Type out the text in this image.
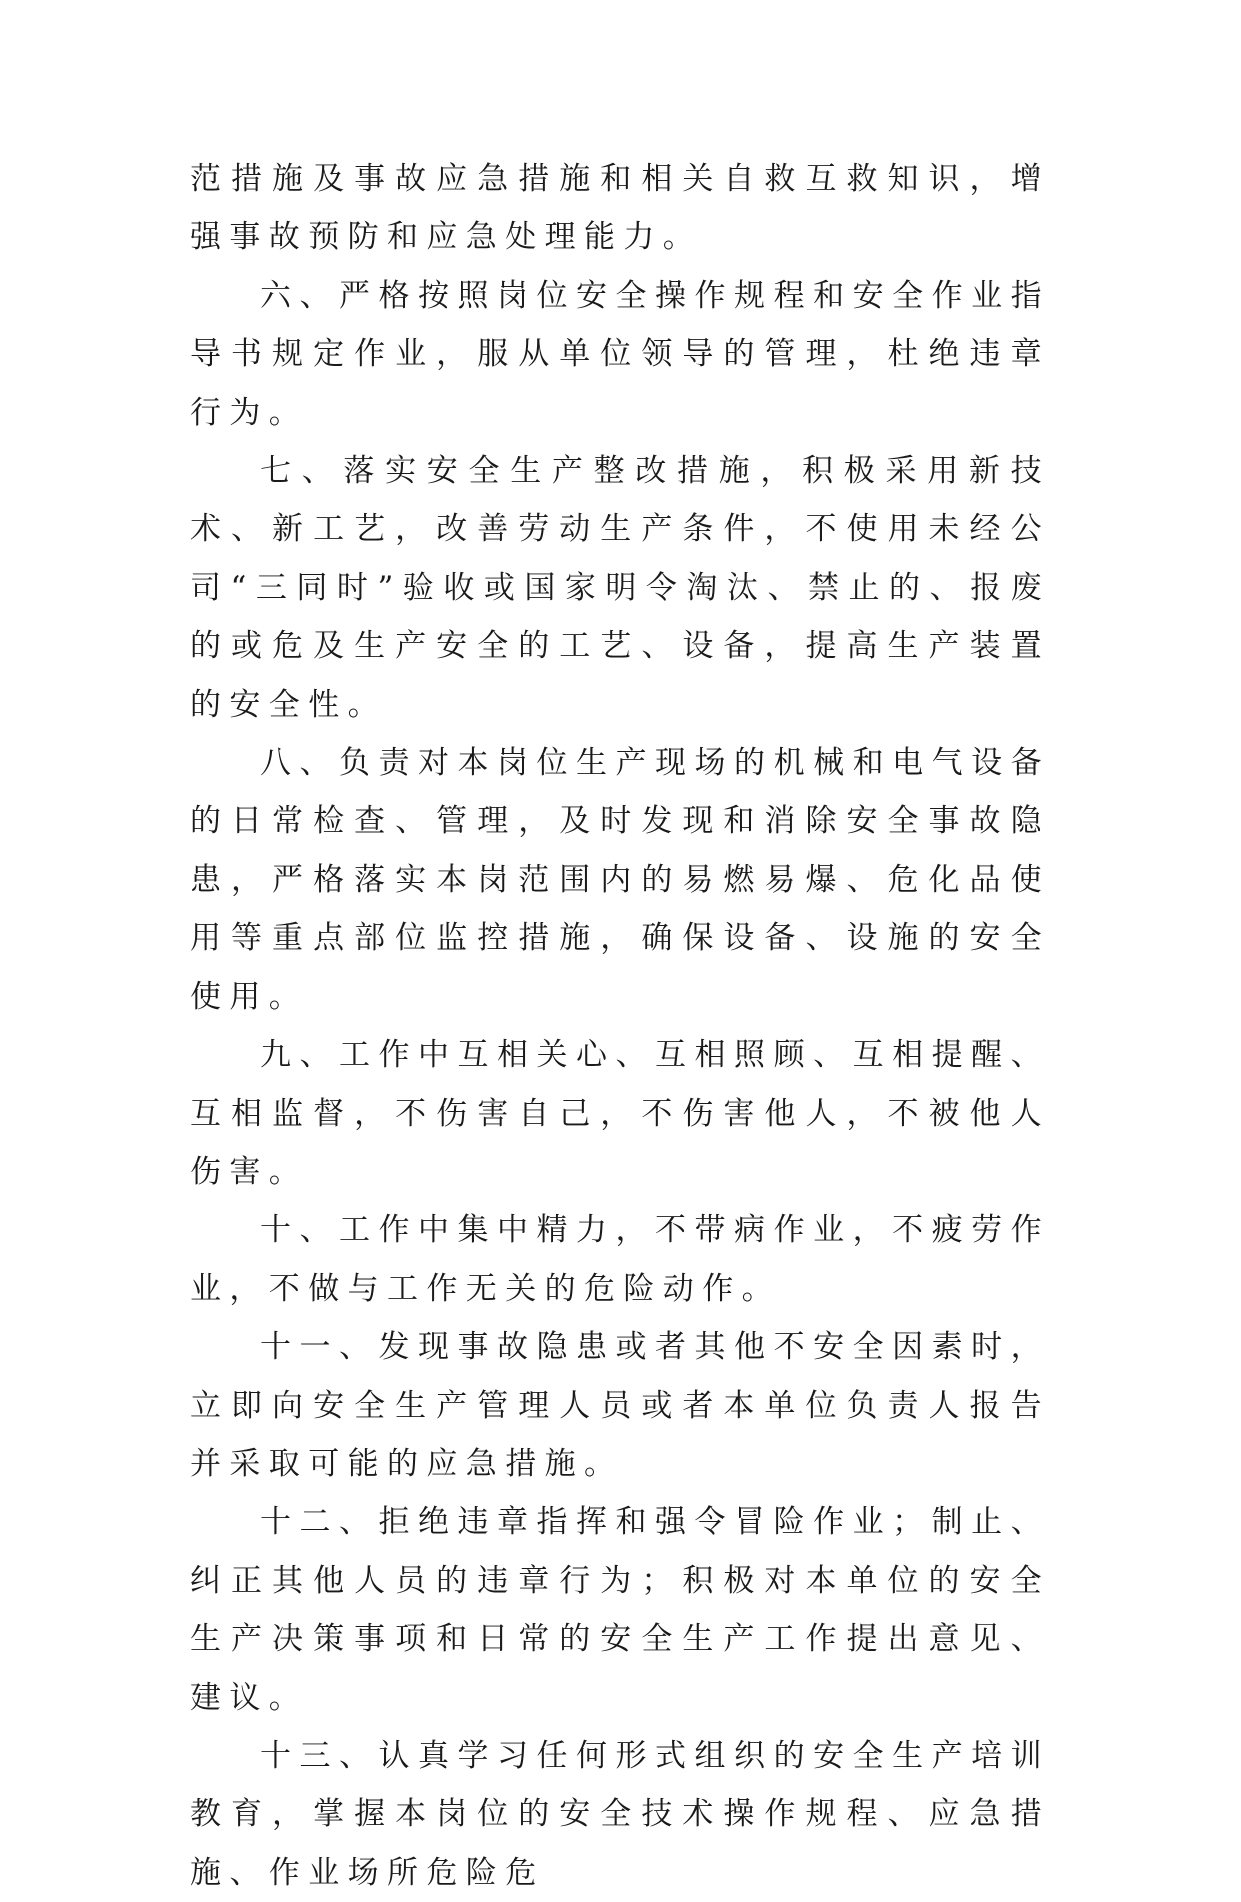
范措施及事故应急措施和相关自救互救知识，增强事故预防和应急处理能力。

六、严格按照岗位安全操作规程和安全作业指导书规定作业，服从单位领导的管理，杜绝违章行为。

七、落实安全生产整改措施，积极采用新技术、新工艺，改善劳动生产条件，不使用未经公司“三同时”验收或国家明令淘汰、禁止的、报废的或危及生产安全的工艺、设备，提高生产装置的安全性。

八、负责对本岗位生产现场的机械和电气设备的日常检查、管理，及时发现和消除安全事故隐患，严格落实本岗范围内的易燃易爆、危化品使用等重点部位监控措施，确保设备、设施的安全使用。

九、工作中互相关心、互相照顾、互相提醒、互相监督，不伤害自己，不伤害他人，不被他人伤害。

十、工作中集中精力，不带病作业，不疲劳作业，不做与工作无关的危险动作。

十一、发现事故隐患或者其他不安全因素时，立即向安全生产管理人员或者本单位负责人报告并采取可能的应急措施。

十二、拒绝违章指挥和强令冒险作业；制止、纠正其他人员的违章行为；积极对本单位的安全生产决策事项和日常的安全生产工作提出意见、建议。

十三、认真学习任何形式组织的安全生产培训教育，掌握本岗位的安全技术操作规程、应急措施、作业场所危险危
